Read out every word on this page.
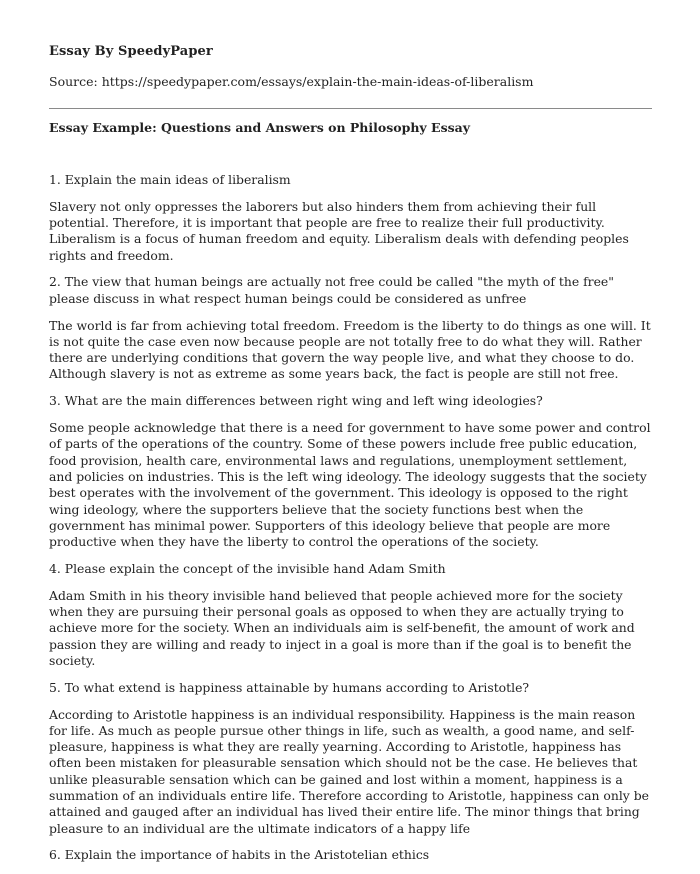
Essay By SpeedyPaper
Source: https://speedypaper.com/essays/explain-the-main-ideas-of-liberalism
Essay Example: Questions and Answers on Philosophy Essay

1. Explain the main ideas of liberalism

Slavery not only oppresses the laborers but also hinders them from achieving their full potential. Therefore, it is important that people are free to realize their full productivity. Liberalism is a focus of human freedom and equity. Liberalism deals with defending peoples rights and freedom.

2. The view that human beings are actually not free could be called "the myth of the free" please discuss in what respect human beings could be considered as unfree

The world is far from achieving total freedom. Freedom is the liberty to do things as one will. It is not quite the case even now because people are not totally free to do what they will. Rather there are underlying conditions that govern the way people live, and what they choose to do. Although slavery is not as extreme as some years back, the fact is people are still not free.

3. What are the main differences between right wing and left wing ideologies?

Some people acknowledge that there is a need for government to have some power and control of parts of the operations of the country. Some of these powers include free public education, food provision, health care, environmental laws and regulations, unemployment settlement, and policies on industries. This is the left wing ideology. The ideology suggests that the society best operates with the involvement of the government. This ideology is opposed to the right wing ideology, where the supporters believe that the society functions best when the government has minimal power. Supporters of this ideology believe that people are more productive when they have the liberty to control the operations of the society.

4. Please explain the concept of the invisible hand Adam Smith

Adam Smith in his theory invisible hand believed that people achieved more for the society when they are pursuing their personal goals as opposed to when they are actually trying to achieve more for the society. When an individuals aim is self-benefit, the amount of work and passion they are willing and ready to inject in a goal is more than if the goal is to benefit the society.

5. To what extend is happiness attainable by humans according to Aristotle?

According to Aristotle happiness is an individual responsibility. Happiness is the main reason for life. As much as people pursue other things in life, such as wealth, a good name, and self-pleasure, happiness is what they are really yearning. According to Aristotle, happiness has often been mistaken for pleasurable sensation which should not be the case. He believes that unlike pleasurable sensation which can be gained and lost within a moment, happiness is a summation of an individuals entire life. Therefore according to Aristotle, happiness can only be attained and gauged after an individual has lived their entire life. The minor things that bring pleasure to an individual are the ultimate indicators of a happy life

6. Explain the importance of habits in the Aristotelian ethics
